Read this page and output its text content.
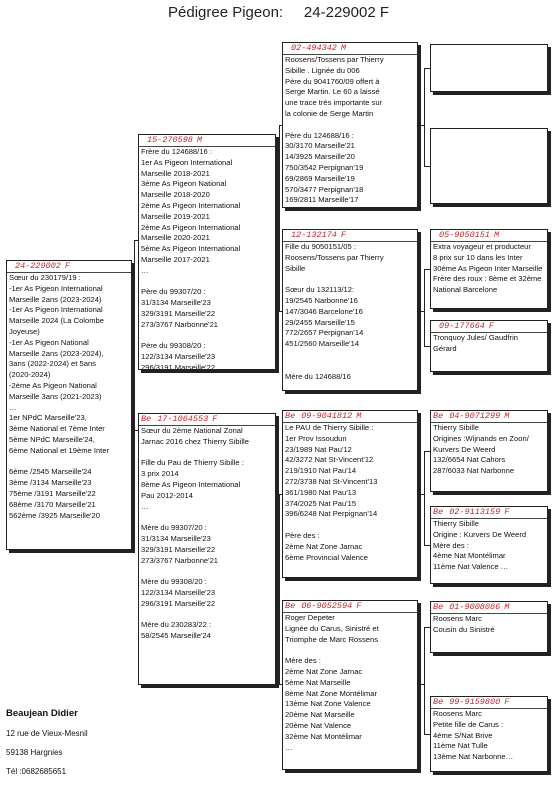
Pédigree Pigeon:     24-229002 F
24-229002 F
Sœur du 230179/19 :
-1er As Pigeon International
Marseille 2ans (2023-2024)
-1er As Pigeon International
Marseille 2024 (La Colombe
Joyeuse)
-1er As Pigeon National
Marseille 2ans (2023-2024),
3ans (2022-2024) et 5ans
(2020-2024)
-2ème As Pigeon National
Marseille 3ans (2021-2023)
…
1er NPdC Marseille'23,
3ème National et 7ème Inter
5ème NPdC Marseille'24,
6ème National et 19ème Inter

6ème /2545 Marseille'24
3ème /3134 Marseille'23
75ème /3191 Marseille'22
68ème /3170 Marseille'21
562ème /3925 Marseille'20
15-270598 M
Frère du 124688/16 :
1er As Pigeon International
Marseille 2018-2021
3ème As Pigeon National
Marseille 2018-2020
2ème As Pigeon International
Marseille 2019-2021
2ème As Pigeon International
Marseille 2020-2021
5ème As Pigeon International
Marseille 2017-2021
…

Père du 99307/20 :
31/3134 Marseille'23
329/3191 Marseille'22
273/3767 Narbonne'21

Père du 99308/20 :
122/3134 Marseille'23
296/3191 Marseille'22
Be 17-1064553 F
Sœur du 2ème National Zonal
Jarnac 2016 chez Thierry Sibille

Fille du Pau de Thierry Sibille :
3 prix 2014
8ème As Pigeon International
Pau 2012-2014
…

Mère du 99307/20 :
31/3134 Marseille'23
329/3191 Marseille'22
273/3767 Narbonne'21

Mère du 99308/20 :
122/3134 Marseille'23
296/3191 Marseille'22

Mère du 230283/22 :
58/2545 Marseille'24
02-494342 M
Roosens/Tossens par Thierry
Sibille . Lignée du 006
Père du 9041760/09 offert à
Serge Martin. Le 60 a laissé
une trace très importante sur
la colonie de Serge Martin

Père du 124688/16 :
30/3170 Marseille'21
14/3925 Marseille'20
750/3542 Perpignan'19
69/2869 Marseille'19
570/3477 Perpignan'18
169/2811 Marseille'17
12-132174 F
Fille du 9050151/05 :
Roosens/Tossens par Thierry
Sibille

Sœur du 132113/12:
19/2545 Narbonne'16
147/3046 Barcelone'16
29/2455 Marseille'15
772/2657 Perpignan'14
451/2560 Marseille'14

Mère du 124688/16
Be 09-9041812 M
Le PAU de Thierry Sibille :
1er Prov Issoudun
23/1989 Nat Pau'12
42/3272 Nat St-Vincent'12
219/1910 Nat Pau'14
272/3738 Nat St-Vincent'13
361/1980 Nat Pau'13
374/2025 Nat Pau'15
396/6248 Nat Perpignan'14

Père des :
2ème Nat Zone Jarnac
6ème Provincial Valence
Be 06-9052594 F
Roger Depeter
Lignée du Carus, Sinistré et
Triomphe de Marc Rossens

Mère des :
2ème Nat Zone Jarnac
5ème Nat Marseille
8ème Nat Zone Montélimar
13ème Nat Zone Valence
20ème Nat Marseille
20ème Nat Valence
32ème Nat Montélimar
…
05-9050151 M
Extra voyageur et producteur
8 prix sur 10 dans les Inter
30ème As Pigeon Inter Marseille
Frère des roux : 8ème et 32ème
National Barcelone
09-177664 F
Tronquoy Jules/ Gaudfrin
Gérard
Be 04-9071299 M
Thierry Sibille
Origines :Wijnands en Zoon/
Kurvers De Weerd
132/6654 Nat Cahors
287/6033 Nat Narbonne
Be 02-9113159 F
Thierry Sibille
Origine : Kurvers De Weerd
Mère des :
4ème Nat Montélimar
11ème Nat Valence …
Be 01-9008086 M
Roosens Marc
Cousin du Sinistré
Be 99-9159800 F
Roosens Marc
Petite fille de Carus :
4ème S/Nat Brive
11ème Nat Tulle
13ème Nat Narbonne…
Beaujean Didier
12 rue de Vieux-Mesnil
59138 Hargnies
Tél :0682685651
